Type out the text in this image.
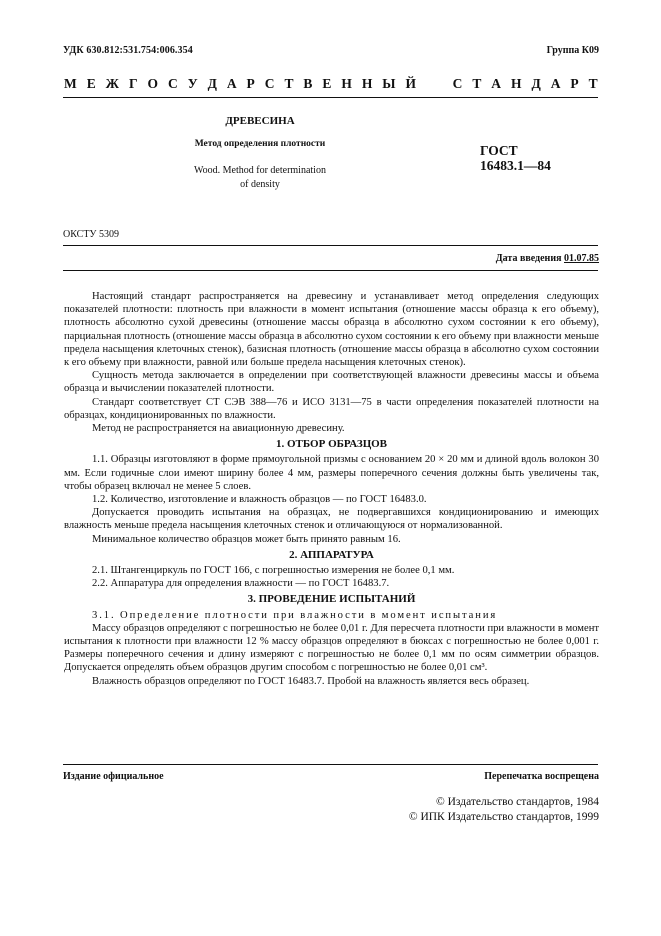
УДК 630.812:531.754:006.354	Группа К09
М Е Ж Г О С У Д А Р С Т В Е Н Н Ы Й

	С Т А Н Д А Р Т
ДРЕВЕСИНА
Метод определения плотности
Wood. Method for determination
of density
ГОСТ
16483.1—84
ОКСТУ 5309
Дата введения 01.07.85

Настоящий стандарт распространяется на древесину и устанавливает метод определения следующих показателей плотности: плотность при влажности в момент испытания (отношение массы образца к его объему), плотность абсолютно сухой древесины (отношение массы образца в абсолютно сухом состоянии к его объему), парциальная плотность (отношение массы образца в абсолютно сухом состоянии к его объему при влажности меньше предела насыщения клеточных стенок), базисная плотность (отношение массы образца в абсолютно сухом состоянии к его объему при влажности, равной или больше предела насыщения клеточных стенок).

Сущность метода заключается в определении при соответствующей влажности древесины массы и объема образца и вычислении показателей плотности.

Стандарт соответствует СТ СЭВ 388—76 и ИСО 3131—75 в части определения показателей плотности на образцах, кондиционированных по влажности.

Метод не распространяется на авиационную древесину.

1. ОТБОР ОБРАЗЦОВ

1.1. Образцы изготовляют в форме прямоугольной призмы с основанием 20 × 20 мм и длиной вдоль волокон 30 мм. Если годичные слои имеют ширину более 4 мм, размеры поперечного сечения должны быть увеличены так, чтобы образец включал не менее 5 слоев.

1.2. Количество, изготовление и влажность образцов — по ГОСТ 16483.0.

Допускается проводить испытания на образцах, не подвергавшихся кондиционированию и имеющих влажность меньше предела насыщения клеточных стенок и отличающуюся от нормализованной.

Минимальное количество образцов может быть принято равным 16.

2. АППАРАТУРА

2.1. Штангенциркуль по ГОСТ 166, с погрешностью измерения не более 0,1 мм.

2.2. Аппаратура для определения влажности — по ГОСТ 16483.7.

3. ПРОВЕДЕНИЕ ИСПЫТАНИЙ

3.1. Определение плотности при влажности в момент испытания

Массу образцов определяют с погрешностью не более 0,01 г. Для пересчета плотности при влажности в момент испытания к плотности при влажности 12 % массу образцов определяют в бюксах с погрешностью не более 0,001 г. Размеры поперечного сечения и длину измеряют с погрешностью не более 0,1 мм по осям симметрии образцов. Допускается определять объем образцов другим способом с погрешностью не более 0,01 см³.

Влажность образцов определяют по ГОСТ 16483.7. Пробой на влажность является весь образец.

Издание официальное	Перепечатка воспрещена
© Издательство стандартов, 1984
© ИПК Издательство стандартов, 1999
